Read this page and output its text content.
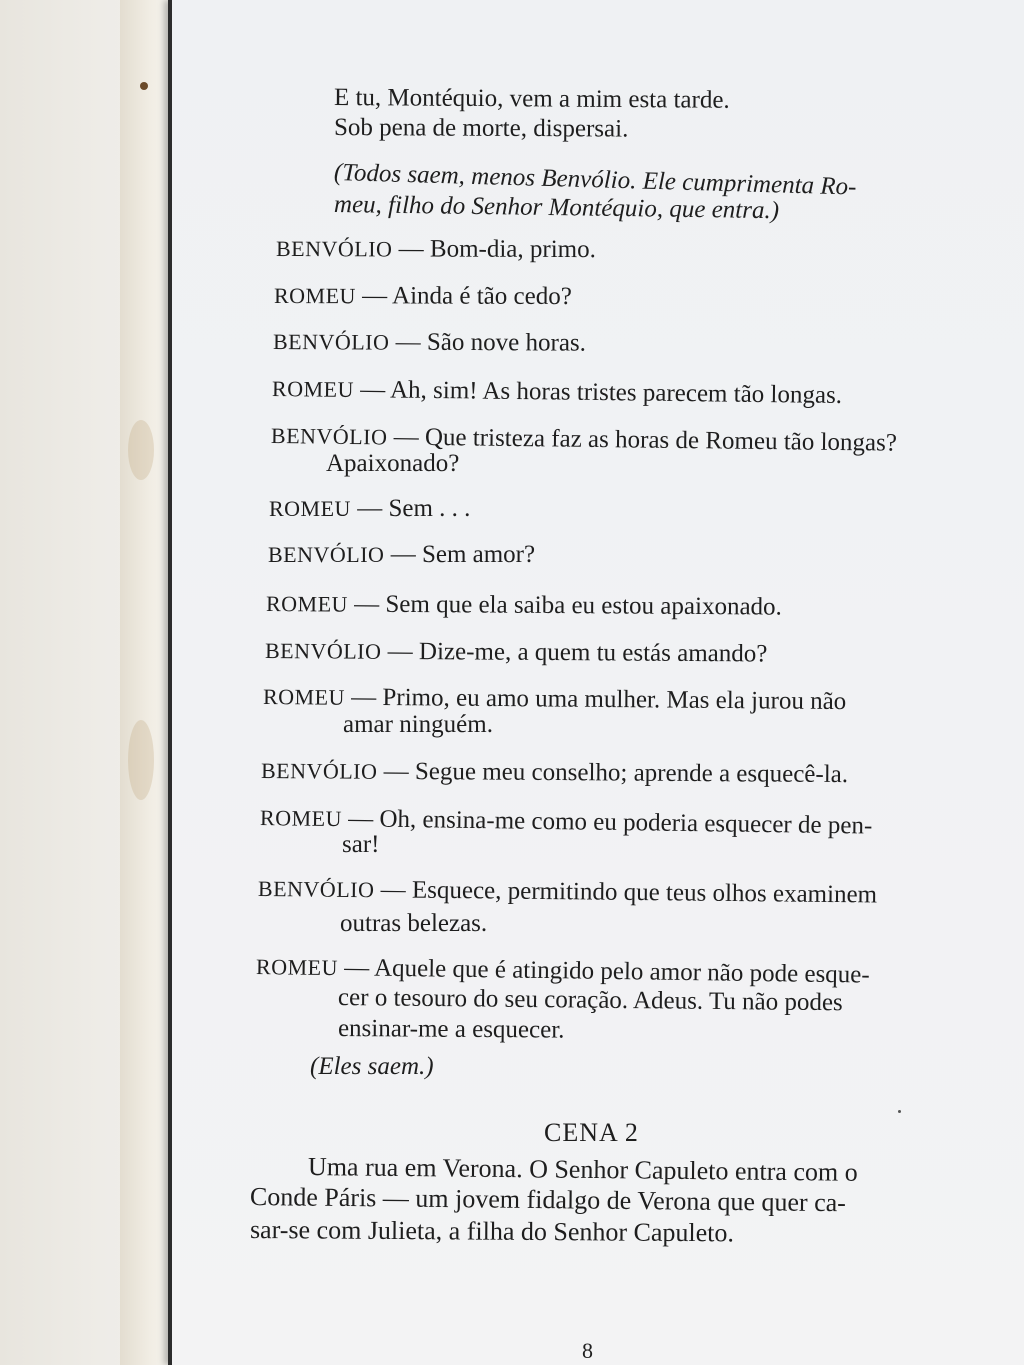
E tu, Montéquio, vem a mim esta tarde.
Sob pena de morte, dispersai.
(Todos saem, menos Benvólio. Ele cumprimenta Ro-
meu, filho do Senhor Montéquio, que entra.)
BENVÓLIO — Bom-dia, primo.
ROMEU — Ainda é tão cedo?
BENVÓLIO — São nove horas.
ROMEU — Ah, sim! As horas tristes parecem tão longas.
BENVÓLIO — Que tristeza faz as horas de Romeu tão longas?
Apaixonado?
ROMEU — Sem . . .
BENVÓLIO — Sem amor?
ROMEU — Sem que ela saiba eu estou apaixonado.
BENVÓLIO — Dize-me, a quem tu estás amando?
ROMEU — Primo, eu amo uma mulher. Mas ela jurou não
amar ninguém.
BENVÓLIO — Segue meu conselho; aprende a esquecê-la.
ROMEU — Oh, ensina-me como eu poderia esquecer de pen-
sar!
BENVÓLIO — Esquece, permitindo que teus olhos examinem
outras belezas.
ROMEU — Aquele que é atingido pelo amor não pode esque-
cer o tesouro do seu coração. Adeus. Tu não podes
ensinar-me a esquecer.
(Eles saem.)
CENA 2
Uma rua em Verona. O Senhor Capuleto entra com o
Conde Páris — um jovem fidalgo de Verona que quer ca-
sar-se com Julieta, a filha do Senhor Capuleto.
8
